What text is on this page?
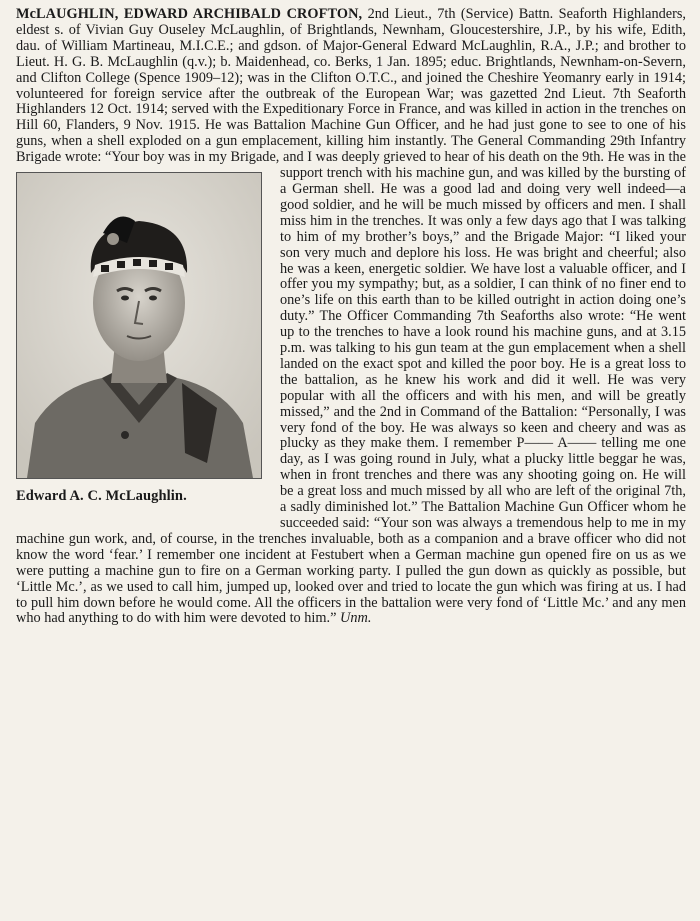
McLAUGHLIN, EDWARD ARCHIBALD CROFTON, 2nd Lieut., 7th (Service) Battn. Seaforth Highlanders, eldest s. of Vivian Guy Ouseley McLaughlin, of Brightlands, Newnham, Gloucestershire, J.P., by his wife, Edith, dau. of William Martineau, M.I.C.E.; and gdson. of Major-General Edward McLaughlin, R.A., J.P.; and brother to Lieut. H. G. B. McLaughlin (q.v.); b. Maidenhead, co. Berks, 1 Jan. 1895; educ. Brightlands, Newnham-on-Severn, and Clifton College (Spence 1909–12); was in the Clifton O.T.C., and joined the Cheshire Yeomanry early in 1914; volunteered for foreign service after the outbreak of the European War; was gazetted 2nd Lieut. 7th Seaforth Highlanders 12 Oct. 1914; served with the Expeditionary Force in France, and was killed in action in the trenches on Hill 60, Flanders, 9 Nov. 1915. He was Battalion Machine Gun Officer, and he had just gone to see to one of his guns, when a shell exploded on a gun emplacement, killing him instantly. The General Commanding 29th Infantry Brigade wrote: “Your boy was in my Brigade, and I was deeply grieved to hear of his death on the 9th.
Edward A. C. McLaughlin.
He was in the support trench with his machine gun, and was killed by the bursting of a German shell. He was a good lad and doing very well indeed—a good soldier, and he will be much missed by officers and men. I shall miss him in the trenches. It was only a few days ago that I was talking to him of my brother’s boys,” and the Brigade Major: “I liked your son very much and deplore his loss. He was bright and cheerful; also he was a keen, energetic soldier. We have lost a valuable officer, and I offer you my sympathy; but, as a soldier, I can think of no finer end to one’s life on this earth than to be killed outright in action doing one’s duty.” The Officer Commanding 7th Seaforths also wrote: “He went up to the trenches to have a look round his machine guns, and at 3.15 p.m. was talking to his gun team at the gun emplacement when a shell landed on the exact spot and killed the poor boy. He is a great loss to the battalion, as he knew his work and did it well. He was very popular with all the officers and with his men, and will be greatly missed,” and the 2nd in Command of the Battalion: “Personally, I was very fond of the boy. He was always so keen and cheery and was as plucky as they make them. I remember P—— A—— telling me one day, as I was going round in July, what a plucky little beggar he was, when in front trenches and there was any shooting going on. He will be a great loss and much missed by all who are left of the original 7th, a sadly diminished lot.” The Battalion Machine Gun Officer whom he succeeded said: “Your son was always a tremendous help to me in my machine gun work, and, of course, in the trenches invaluable, both as a companion and a brave officer who did not know the word ‘fear.’ I remember one incident at Festubert when a German machine gun opened fire on us as we were putting a machine gun to fire on a German working party. I pulled the gun down as quickly as possible, but ‘Little Mc.’, as we used to call him, jumped up, looked over and tried to locate the gun which was firing at us. I had to pull him down before he would come. All the officers in the battalion were very fond of ‘Little Mc.’ and any men who had anything to do with him were devoted to him.” Unm.
